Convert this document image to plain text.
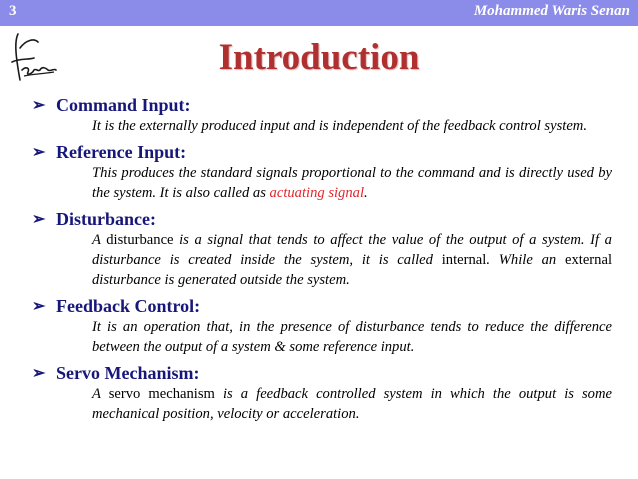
3	Mohammed Waris Senan
Introduction
➢ Command Input:
It is the externally produced input and is independent of the feedback control system.
➢ Reference Input:
This produces the standard signals proportional to the command and is directly used by the system. It is also called as actuating signal.
➢ Disturbance:
A disturbance is a signal that tends to affect the value of the output of a system. If a disturbance is created inside the system, it is called internal. While an external disturbance is generated outside the system.
➢ Feedback Control:
It is an operation that, in the presence of disturbance tends to reduce the difference between the output of a system & some reference input.
➢ Servo Mechanism:
A servo mechanism is a feedback controlled system in which the output is some mechanical position, velocity or acceleration.
